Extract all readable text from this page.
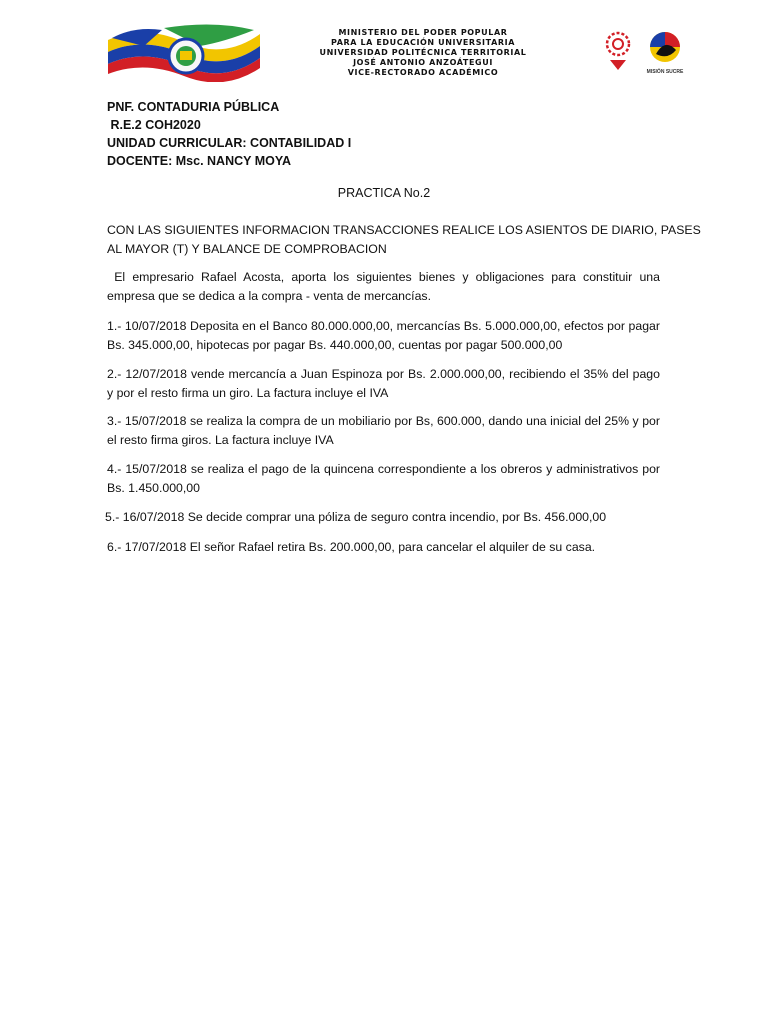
MINISTERIO DEL PODER POPULAR
PARA LA EDUCACIÓN UNIVERSITARIA
UNIVERSIDAD POLITÉCNICA TERRITORIAL
JOSÉ ANTONIO ANZOÁTEGUI
VICE-RECTORADO ACADÉMICO	MISIÓN SUCRE
PNF. CONTADURIA PÚBLICA
R.E.2 COH2020
UNIDAD CURRICULAR: CONTABILIDAD I
DOCENTE: Msc. NANCY MOYA
PRACTICA No.2
CON LAS SIGUIENTES INFORMACION TRANSACCIONES REALICE LOS ASIENTOS DE DIARIO, PASES
AL MAYOR (T) Y BALANCE DE COMPROBACION
El empresario Rafael Acosta, aporta los siguientes bienes y obligaciones para constituir una empresa que se dedica a la compra - venta de mercancías.
1.- 10/07/2018 Deposita en el Banco 80.000.000,00, mercancías Bs. 5.000.000,00, efectos por pagar Bs. 345.000,00, hipotecas por pagar Bs. 440.000,00, cuentas por pagar 500.000,00
2.- 12/07/2018 vende mercancía a Juan Espinoza por Bs. 2.000.000,00, recibiendo el 35% del pago y por el resto firma un giro. La factura incluye el IVA
3.- 15/07/2018 se realiza la compra de un mobiliario por Bs, 600.000, dando una inicial del 25% y por el resto firma giros. La factura incluye IVA
4.- 15/07/2018 se realiza el pago de la quincena correspondiente a los obreros y administrativos por Bs. 1.450.000,00
5.- 16/07/2018 Se decide comprar una póliza de seguro contra incendio, por Bs. 456.000,00
6.- 17/07/2018 El señor Rafael retira Bs. 200.000,00, para cancelar el alquiler de su casa.
